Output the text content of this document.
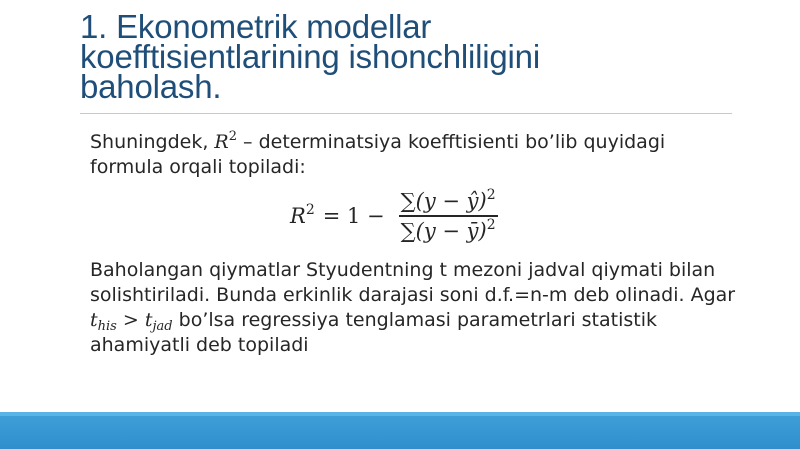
1. Ekonometrik modellar
koefftisientlarining ishonchliligini
baholash.

Shuningdek, $R^2$ – determinatsiya koefftisienti bo’lib quyidagi formula orqali topiladi:

$R^2 = 1 - \frac{\sum(y - ŷ)^2}{\sum(y - ȳ)^2}$

Baholangan qiymatlar Styudentning t mezoni jadval qiymati bilan solishtiriladi. Bunda erkinlik darajasi soni d.f.=n-m deb olinadi. Agar $t_{his} > t_{jad}$ bo’lsa regressiya tenglamasi parametrlari statistik ahamiyatli deb topiladi
